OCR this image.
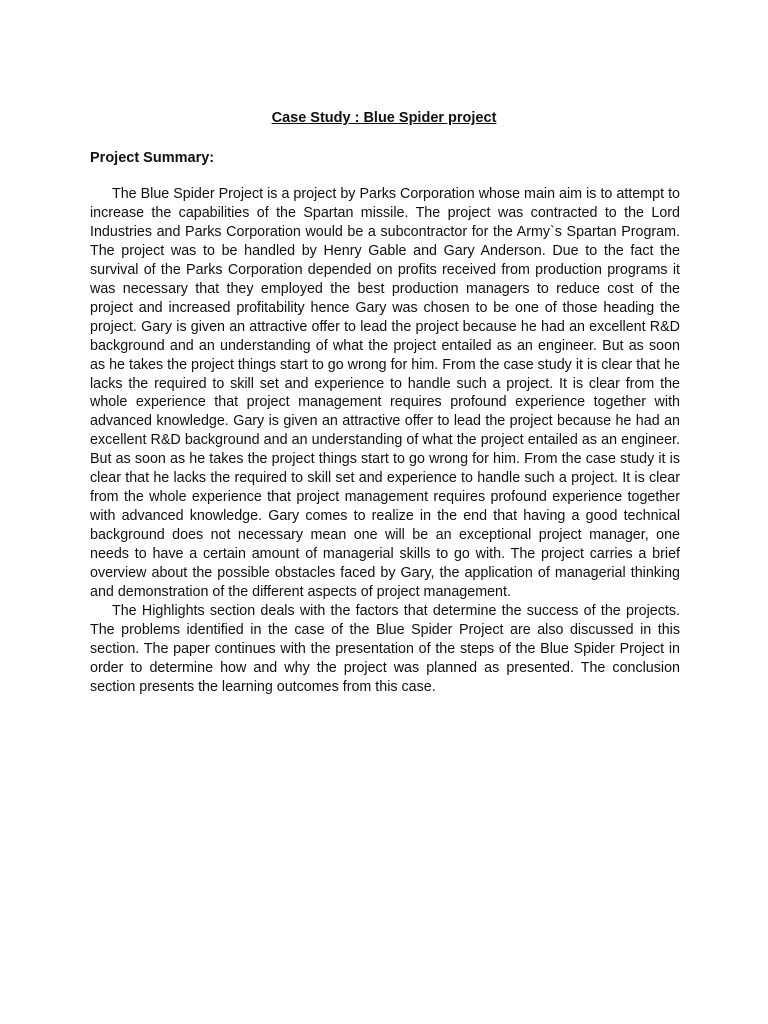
Case Study : Blue Spider project
Project Summary:

The Blue Spider Project is a project by Parks Corporation whose main aim is to attempt to increase the capabilities of the Spartan missile. The project was contracted to the Lord Industries and Parks Corporation would be a subcontractor for the Army`s Spartan Program. The project was to be handled by Henry Gable and Gary Anderson. Due to the fact the survival of the Parks Corporation depended on profits received from production programs it was necessary that they employed the best production managers to reduce cost of the project and increased profitability hence Gary was chosen to be one of those heading the project. Gary is given an attractive offer to lead the project because he had an excellent R&D background and an understanding of what the project entailed as an engineer. But as soon as he takes the project things start to go wrong for him. From the case study it is clear that he lacks the required to skill set and experience to handle such a project. It is clear from the whole experience that project management requires profound experience together with advanced knowledge. Gary is given an attractive offer to lead the project because he had an excellent R&D background and an understanding of what the project entailed as an engineer. But as soon as he takes the project things start to go wrong for him. From the case study it is clear that he lacks the required to skill set and experience to handle such a project. It is clear from the whole experience that project management requires profound experience together with advanced knowledge. Gary comes to realize in the end that having a good technical background does not necessary mean one will be an exceptional project manager, one needs to have a certain amount of managerial skills to go with. The project carries a brief overview about the possible obstacles faced by Gary, the application of managerial thinking and demonstration of the different aspects of project management.

The Highlights section deals with the factors that determine the success of the projects. The problems identified in the case of the Blue Spider Project are also discussed in this section. The paper continues with the presentation of the steps of the Blue Spider Project in order to determine how and why the project was planned as presented. The conclusion section presents the learning outcomes from this case.
